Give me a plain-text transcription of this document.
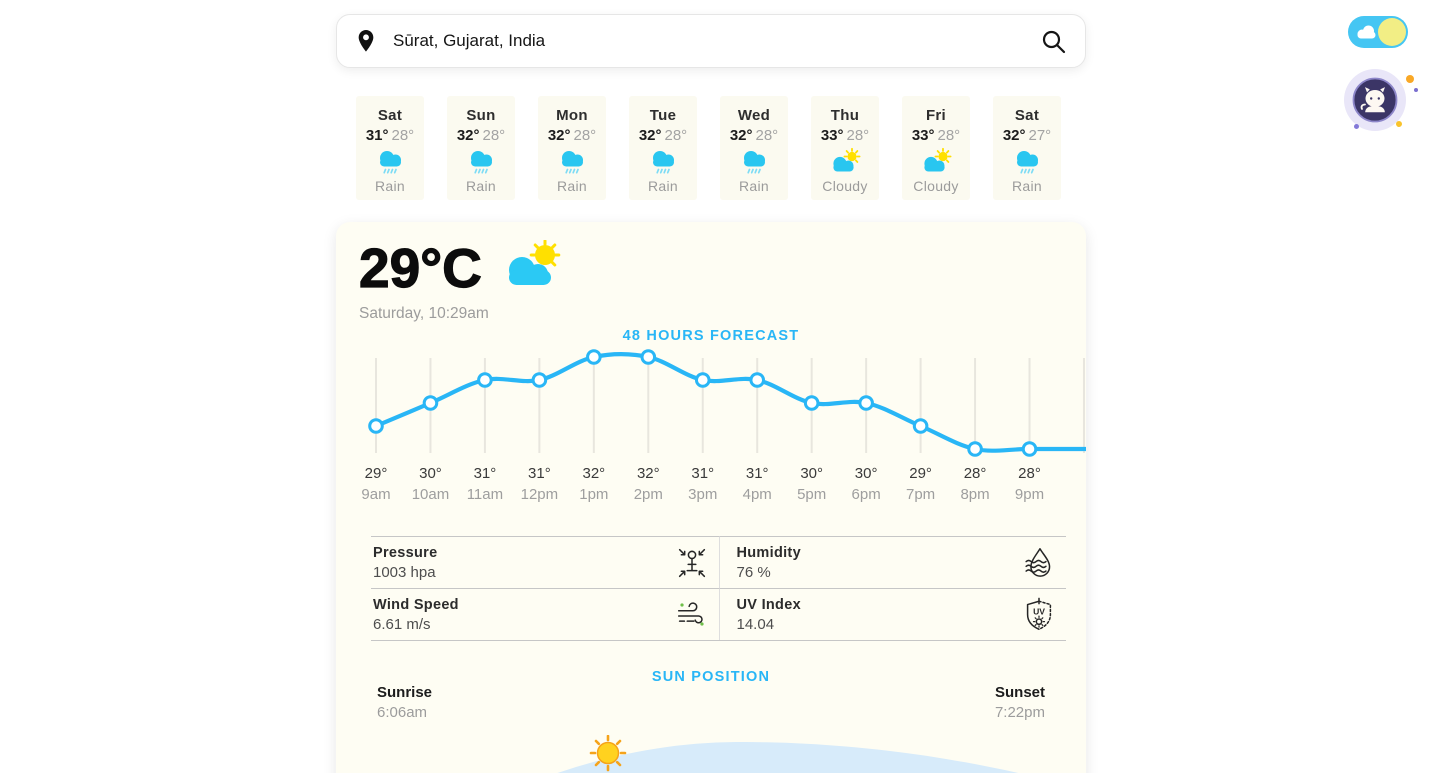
Sūrat, Gujarat, India
Sat
31° 28°
Rain
Sun
32° 28°
Rain
Mon
32° 28°
Rain
Tue
32° 28°
Rain
Wed
32° 28°
Rain
Thu
33° 28°
Cloudy
Fri
33° 28°
Cloudy
Sat
32° 27°
Rain
29°C
Saturday, 10:29am
48 HOURS FORECAST
29°
9am
30°
10am
31°
11am
31°
12pm
32°
1pm
32°
2pm
31°
3pm
31°
4pm
30°
5pm
30°
6pm
29°
7pm
28°
8pm
28°
9pm
Pressure
1003 hpa
Humidity
76 %
Wind Speed
6.61 m/s
UV Index
14.04
UV
SUN POSITION
Sunrise
6:06am
Sunset
7:22pm
